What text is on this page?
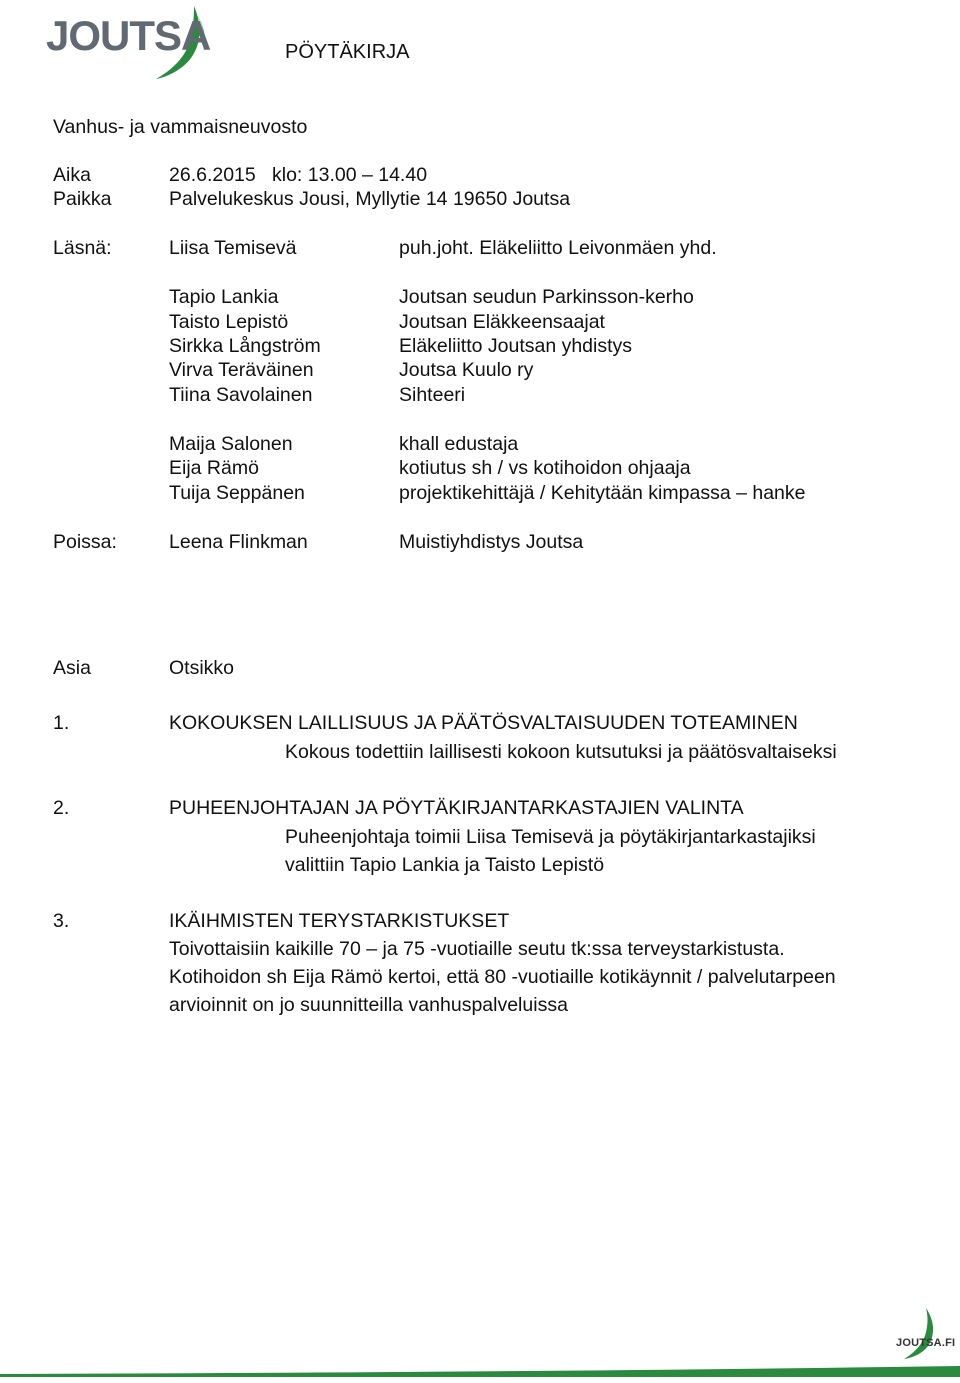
JOUTSA	PÖYTÄKIRJA
Vanhus- ja vammaisneuvosto
Aika	26.6.2015   klo: 13.00 – 14.40
Paikka	Palvelukeskus Jousi, Myllytie 14 19650 Joutsa
Läsnä:	Liisa Temisevä	puh.joht. Eläkeliitto Leivonmäen yhd.
Tapio Lankia	Joutsan seudun Parkinsson-kerho
Taisto Lepistö	Joutsan Eläkkeensaajat
Sirkka Långström	Eläkeliitto Joutsan yhdistys
Virva Teräväinen	Joutsa Kuulo ry
Tiina Savolainen	Sihteeri
Maija Salonen	khall edustaja
Eija Rämö	kotiutus sh / vs kotihoidon ohjaaja
Tuija Seppänen	projektikehittäjä / Kehitytään kimpassa – hanke
Poissa:	Leena Flinkman	Muistiyhdistys Joutsa
Asia	Otsikko
1.	KOKOUKSEN LAILLISUUS JA PÄÄTÖSVALTAISUUDEN TOTEAMINEN
Kokous todettiin laillisesti kokoon kutsutuksi ja päätösvaltaiseksi
2.	PUHEENJOHTAJAN JA PÖYTÄKIRJANTARKASTAJIEN VALINTA
Puheenjohtaja toimii Liisa Temisevä ja pöytäkirjantarkastajiksi
valittiin Tapio Lankia ja Taisto Lepistö
3.	IKÄIHMISTEN TERYSTARKISTUKSET
Toivottaisiin kaikille 70 – ja 75 -vuotiaille seutu tk:ssa terveystarkistusta.
Kotihoidon sh Eija Rämö kertoi, että 80 -vuotiaille kotikäynnit / palvelutarpeen
arvioinnit on jo suunnitteilla vanhuspalveluissa
JOUTSA.FI
